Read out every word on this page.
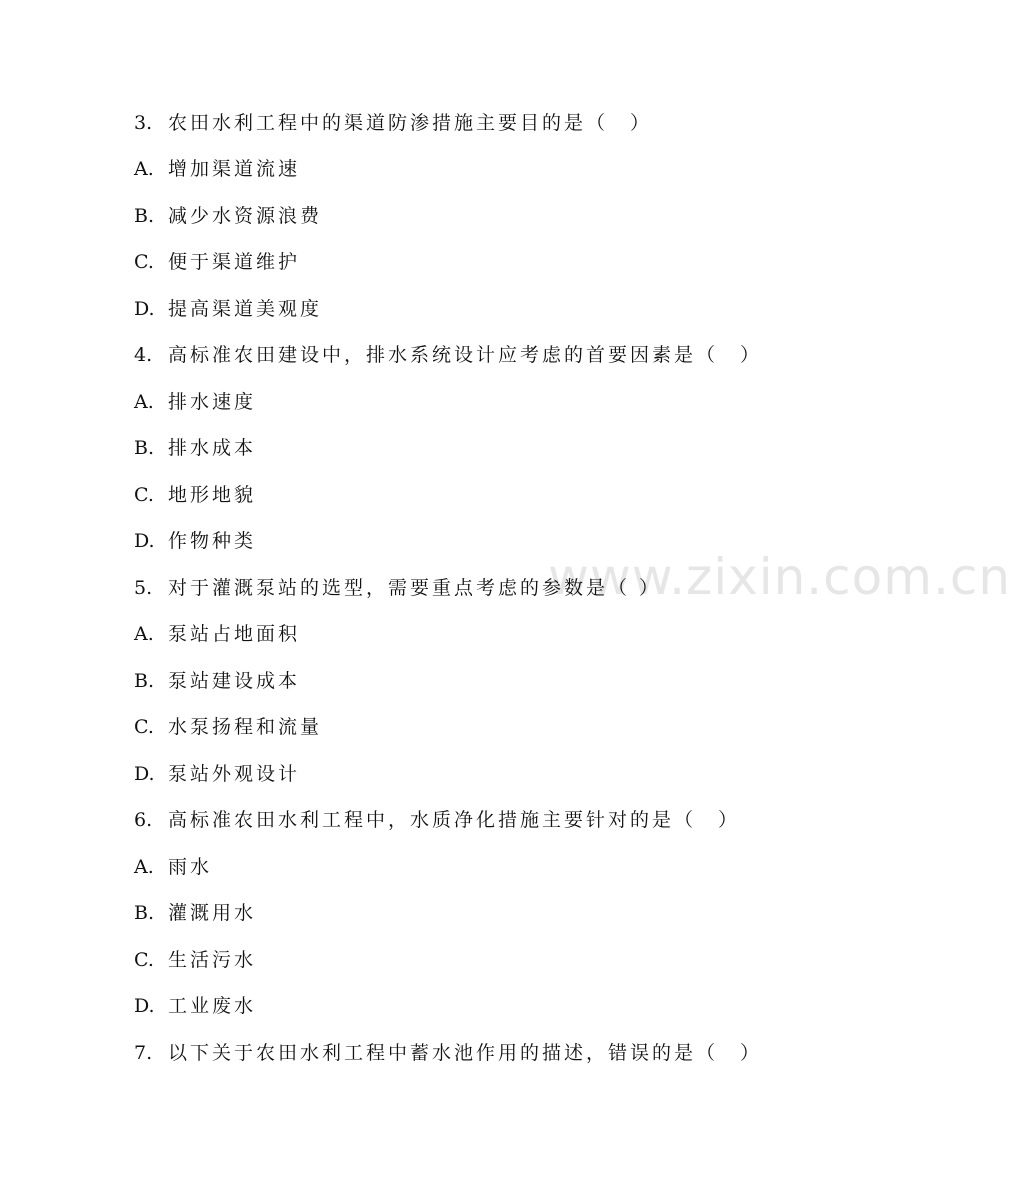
www.zixin.com.cn
3. 农田水利工程中的渠道防渗措施主要目的是（　）
A. 增加渠道流速
B. 减少水资源浪费
C. 便于渠道维护
D. 提高渠道美观度
4. 高标准农田建设中，排水系统设计应考虑的首要因素是（　）
A. 排水速度
B. 排水成本
C. 地形地貌
D. 作物种类
5. 对于灌溉泵站的选型，需要重点考虑的参数是（ ）
A. 泵站占地面积
B. 泵站建设成本
C. 水泵扬程和流量
D. 泵站外观设计
6. 高标准农田水利工程中，水质净化措施主要针对的是（　）
A. 雨水
B. 灌溉用水
C. 生活污水
D. 工业废水
7. 以下关于农田水利工程中蓄水池作用的描述，错误的是（　）
